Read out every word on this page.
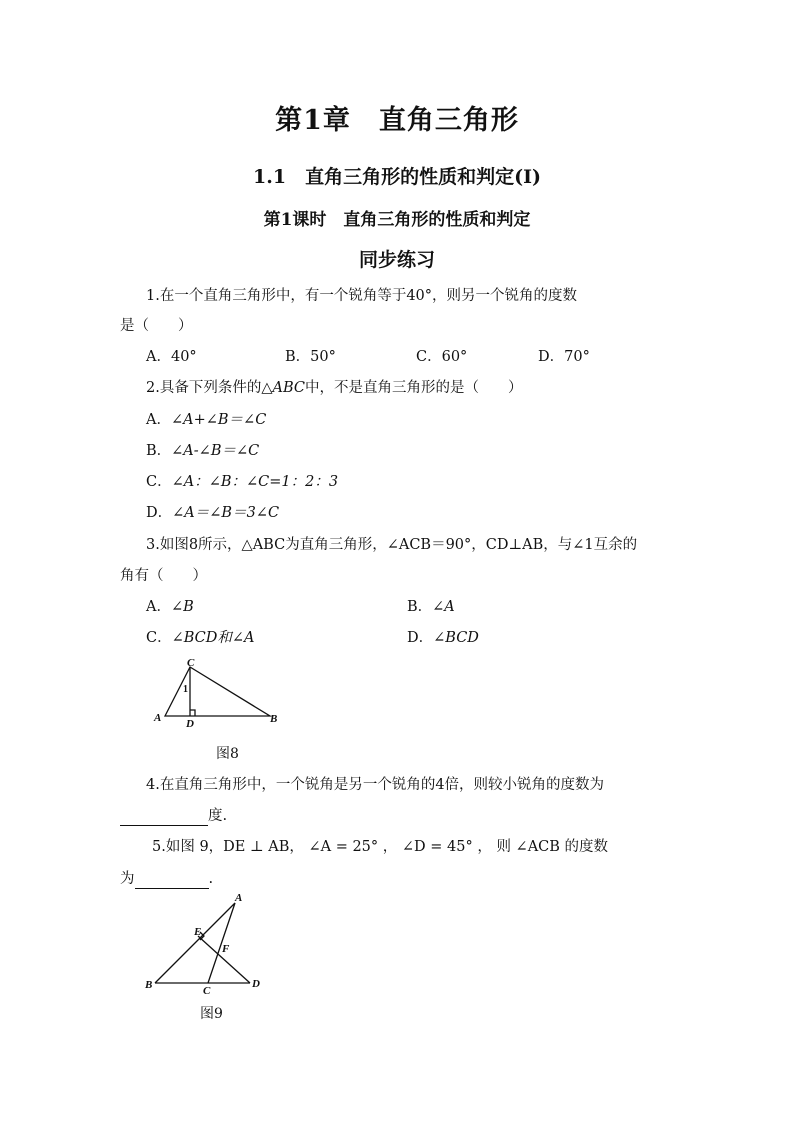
第1章　直角三角形
1.1　直角三角形的性质和判定(Ⅰ)
第1课时　直角三角形的性质和判定
同步练习
1.在一个直角三角形中，有一个锐角等于40°，则另一个锐角的度数
是（　　）
A．40°	B．50°	C．60°	D．70°
2.具备下列条件的△ABC中，不是直角三角形的是（　　）
A．∠A+∠B＝∠C
B．∠A-∠B＝∠C
C．∠A：∠B：∠C=1：2：3
D．∠A＝∠B＝3∠C
3.如图8所示，△ABC为直角三角形，∠ACB＝90°，CD⊥AB，与∠1互余的
角有（　　）
A．∠B	B．∠A
C．∠BCD和∠A	D．∠BCD
C
A D	B
1
图8
4.在直角三角形中，一个锐角是另一个锐角的4倍，则较小锐角的度数为
度.
5.如图 9，DE ⊥ AB， ∠A = 25° ， ∠D = 45° ， 则 ∠ACB 的度数
为	.
A
E
F
B	C
D
图9
